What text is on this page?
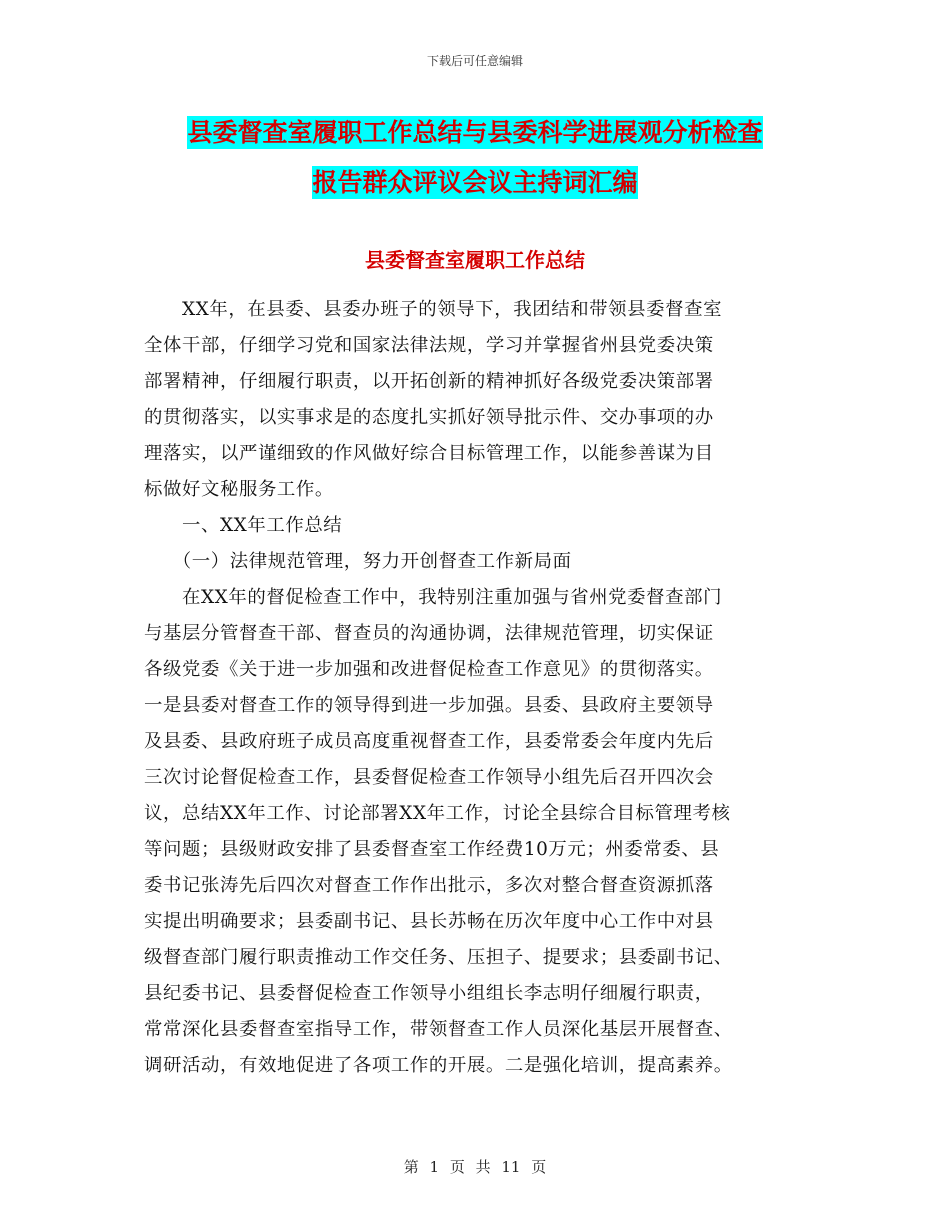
下载后可任意编辑
县委督查室履职工作总结与县委科学进展观分析检查
报告群众评议会议主持词汇编
县委督查室履职工作总结
　　XX年，在县委、县委办班子的领导下，我团结和带领县委督查室
全体干部，仔细学习党和国家法律法规，学习并掌握省州县党委决策
部署精神，仔细履行职责，以开拓创新的精神抓好各级党委决策部署
的贯彻落实，以实事求是的态度扎实抓好领导批示件、交办事项的办
理落实，以严谨细致的作风做好综合目标管理工作，以能参善谋为目
标做好文秘服务工作。
　　一、XX年工作总结
　　（一）法律规范管理，努力开创督查工作新局面
　　在XX年的督促检查工作中，我特别注重加强与省州党委督查部门
与基层分管督查干部、督查员的沟通协调，法律规范管理，切实保证
各级党委《关于进一步加强和改进督促检查工作意见》的贯彻落实。
一是县委对督查工作的领导得到进一步加强。县委、县政府主要领导
及县委、县政府班子成员高度重视督查工作，县委常委会年度内先后
三次讨论督促检查工作，县委督促检查工作领导小组先后召开四次会
议，总结XX年工作、讨论部署XX年工作，讨论全县综合目标管理考核
等问题；县级财政安排了县委督查室工作经费10万元；州委常委、县
委书记张涛先后四次对督查工作作出批示，多次对整合督查资源抓落
实提出明确要求；县委副书记、县长苏畅在历次年度中心工作中对县
级督查部门履行职责推动工作交任务、压担子、提要求；县委副书记、
县纪委书记、县委督促检查工作领导小组组长李志明仔细履行职责，
常常深化县委督查室指导工作，带领督查工作人员深化基层开展督查、
调研活动，有效地促进了各项工作的开展。二是强化培训，提高素养。
第 1 页 共 11 页
